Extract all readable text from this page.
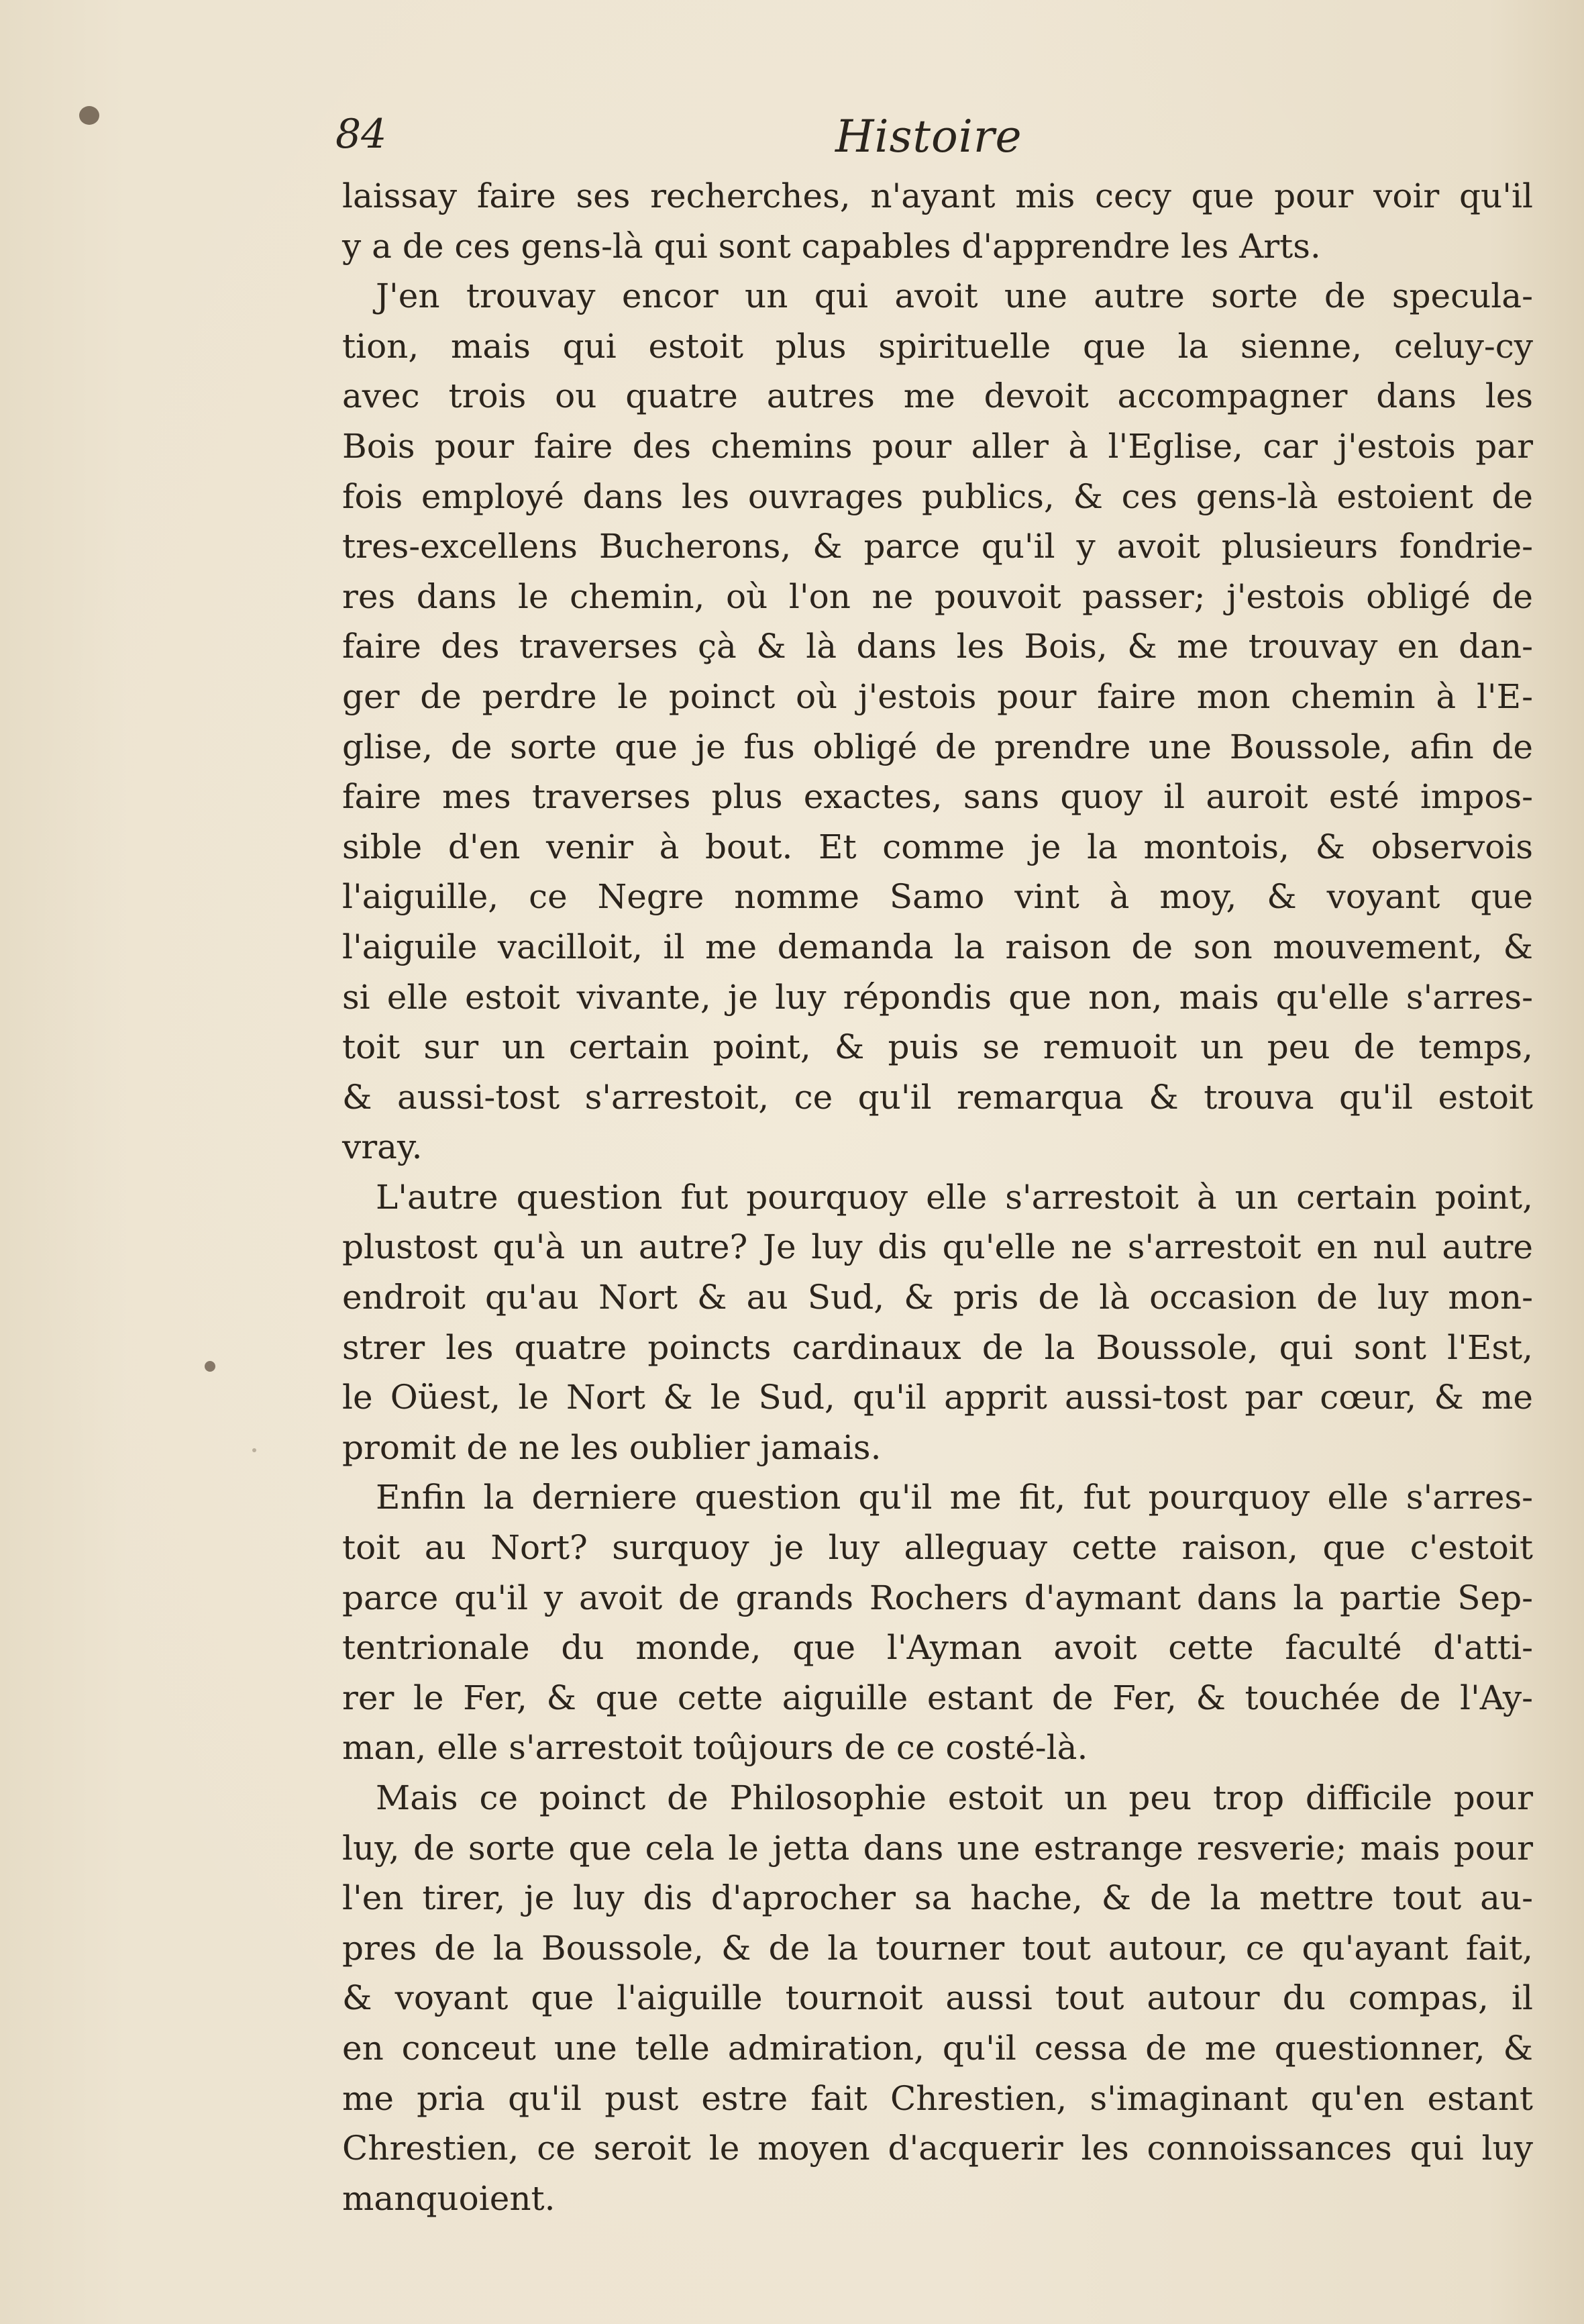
84	Histoire
laissay faire ses recherches, n'ayant mis cecy que pour voir qu'il
y a de ces gens-là qui sont capables d'apprendre les Arts.
J'en trouvay encor un qui avoit une autre sorte de specula-
tion, mais qui estoit plus spirituelle que la sienne, celuy-cy
avec trois ou quatre autres me devoit accompagner dans les
Bois pour faire des chemins pour aller à l'Eglise, car j'estois par
fois employé dans les ouvrages publics, & ces gens-là estoient de
tres-excellens Bucherons, & parce qu'il y avoit plusieurs fondrie-
res dans le chemin, où l'on ne pouvoit passer; j'estois obligé de
faire des traverses çà & là dans les Bois, & me trouvay en dan-
ger de perdre le poinct où j'estois pour faire mon chemin à l'E-
glise, de sorte que je fus obligé de prendre une Boussole, afin de
faire mes traverses plus exactes, sans quoy il auroit esté impos-
sible d'en venir à bout. Et comme je la montois, & observois
l'aiguille, ce Negre nomme Samo vint à moy, & voyant que
l'aiguile vacilloit, il me demanda la raison de son mouvement, &
si elle estoit vivante, je luy répondis que non, mais qu'elle s'arres-
toit sur un certain point, & puis se remuoit un peu de temps,
& aussi-tost s'arrestoit, ce qu'il remarqua & trouva qu'il estoit
vray.
L'autre question fut pourquoy elle s'arrestoit à un certain point,
plustost qu'à un autre? Je luy dis qu'elle ne s'arrestoit en nul autre
endroit qu'au Nort & au Sud, & pris de là occasion de luy mon-
strer les quatre poincts cardinaux de la Boussole, qui sont l'Est,
le Oüest, le Nort & le Sud, qu'il apprit aussi-tost par cœur, & me
promit de ne les oublier jamais.
Enfin la derniere question qu'il me fit, fut pourquoy elle s'arres-
toit au Nort? surquoy je luy alleguay cette raison, que c'estoit
parce qu'il y avoit de grands Rochers d'aymant dans la partie Sep-
tentrionale du monde, que l'Ayman avoit cette faculté d'atti-
rer le Fer, & que cette aiguille estant de Fer, & touchée de l'Ay-
man, elle s'arrestoit toûjours de ce costé-là.
Mais ce poinct de Philosophie estoit un peu trop difficile pour
luy, de sorte que cela le jetta dans une estrange resverie; mais pour
l'en tirer, je luy dis d'aprocher sa hache, & de la mettre tout au-
pres de la Boussole, & de la tourner tout autour, ce qu'ayant fait,
& voyant que l'aiguille tournoit aussi tout autour du compas, il
en conceut une telle admiration, qu'il cessa de me questionner, &
me pria qu'il pust estre fait Chrestien, s'imaginant qu'en estant
Chrestien, ce seroit le moyen d'acquerir les connoissances qui luy
manquoient.
